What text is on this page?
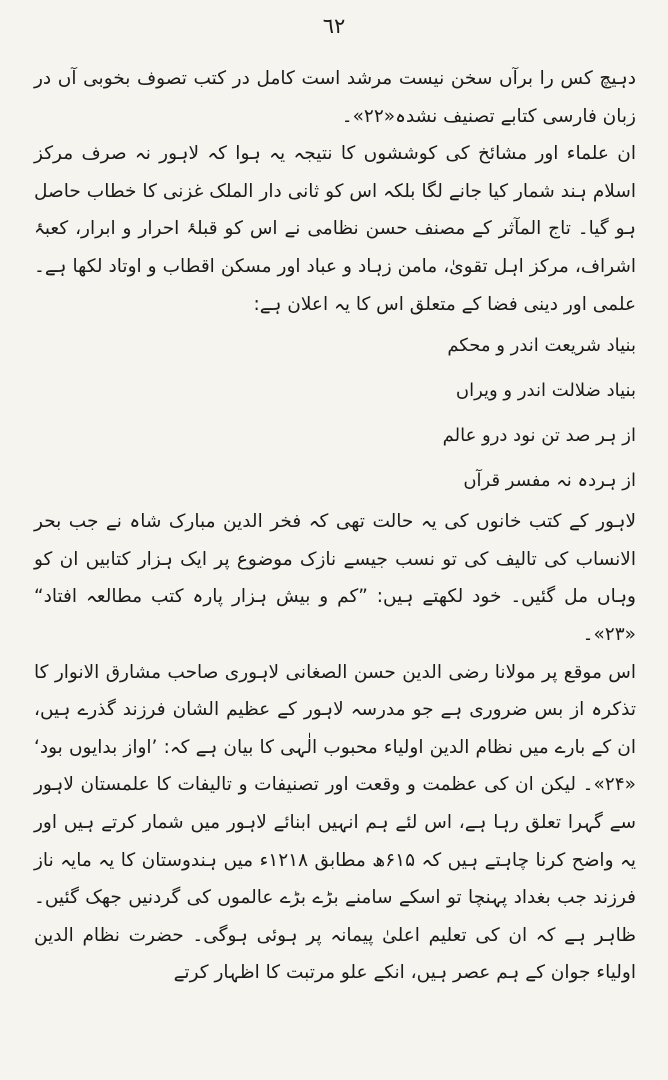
٦٢

دہیچ کس را برآں سخن نیست مرشد است کامل در کتب تصوف بخوبی آں در زبان فارسی کتابے تصنیف نشدہ«۲۲»۔

ان علماء اور مشائخ کی کوششوں کا نتیجہ یہ ہوا کہ لاہور نہ صرف مرکز اسلام ہند شمار کیا جانے لگا بلکہ اس کو ثانی دار الملک غزنی کا خطاب حاصل ہو گیا۔ تاج المآثر کے مصنف حسن نظامی نے اس کو قبلۂ احرار و ابرار، کعبۂ اشراف، مرکز اہل تقویٰ، مامن زہاد و عباد اور مسکن اقطاب و اوتاد لکھا ہے۔ علمی اور دینی فضا کے متعلق اس کا یہ اعلان ہے:

بنیاد شریعت اندر و محکم
بنیاد ضلالت اندر و ویراں
از ہر صد تن نود درو عالم
از ہردہ نہ مفسر قرآں

لاہور کے کتب خانوں کی یہ حالت تھی کہ فخر الدین مبارک شاہ نے جب بحر الانساب کی تالیف کی تو نسب جیسے نازک موضوع پر ایک ہزار کتابیں ان کو وہاں مل گئیں۔ خود لکھتے ہیں: ”کم و بیش ہزار پارہ کتب مطالعہ افتاد“ «۲۳»۔

اس موقع پر مولانا رضی الدین حسن الصغانی لاہوری صاحب مشارق الانوار کا تذکرہ از بس ضروری ہے جو مدرسہ لاہور کے عظیم الشان فرزند گذرے ہیں، ان کے بارے میں نظام الدین اولیاء محبوب الٰہی کا بیان ہے کہ: ’اواز بدایوں بود‘ «۲۴»۔ لیکن ان کی عظمت و وقعت اور تصنیفات و تالیفات کا علمستان لاہور سے گہرا تعلق رہا ہے، اس لئے ہم انہیں ابنائے لاہور میں شمار کرتے ہیں اور یہ واضح کرنا چاہتے ہیں کہ ۶۱۵ھ مطابق ۱۲۱۸ء میں ہندوستان کا یہ مایہ ناز فرزند جب بغداد پہنچا تو اسکے سامنے بڑے بڑے عالموں کی گردنیں جھک گئیں۔ ظاہر ہے کہ ان کی تعلیم اعلیٰ پیمانہ پر ہوئی ہوگی۔ حضرت نظام الدین اولیاء جوان کے ہم عصر ہیں، انکے علو مرتبت کا اظہار کرتے
